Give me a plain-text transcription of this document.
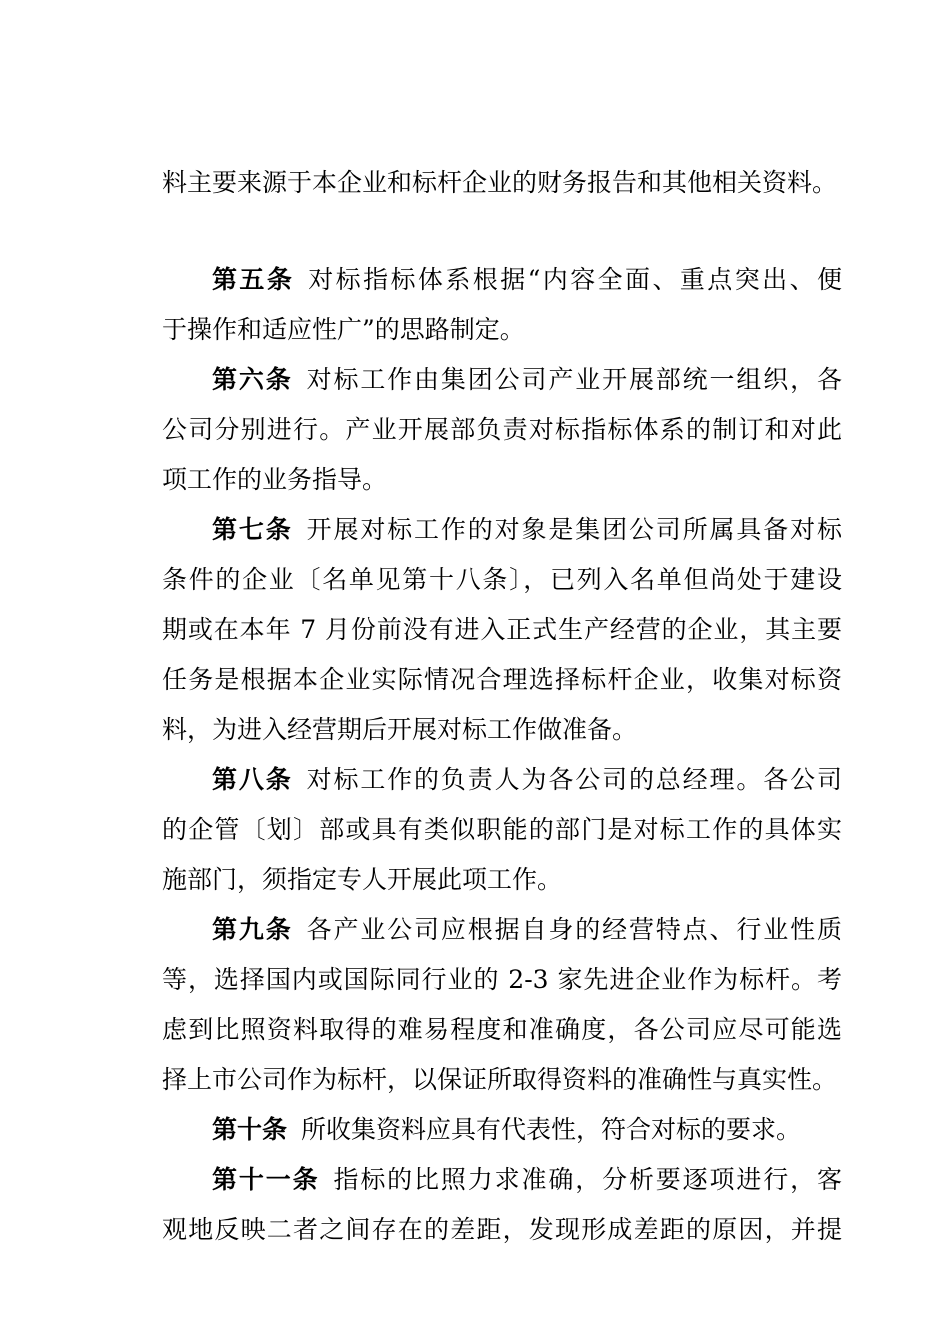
料主要来源于本企业和标杆企业的财务报告和其他相关资料。
第五条 对标指标体系根据“内容全面、重点突出、便
于操作和适应性广”的思路制定。
第六条 对标工作由集团公司产业开展部统一组织，各
公司分别进行。产业开展部负责对标指标体系的制订和对此
项工作的业务指导。
第七条 开展对标工作的对象是集团公司所属具备对标
条件的企业〔名单见第十八条〕，已列入名单但尚处于建设
期或在本年 7 月份前没有进入正式生产经营的企业，其主要
任务是根据本企业实际情况合理选择标杆企业，收集对标资
料，为进入经营期后开展对标工作做准备。
第八条 对标工作的负责人为各公司的总经理。各公司
的企管〔划〕部或具有类似职能的部门是对标工作的具体实
施部门，须指定专人开展此项工作。
第九条 各产业公司应根据自身的经营特点、行业性质
等，选择国内或国际同行业的 2-3 家先进企业作为标杆。考
虑到比照资料取得的难易程度和准确度，各公司应尽可能选
择上市公司作为标杆，以保证所取得资料的准确性与真实性。
第十条 所收集资料应具有代表性，符合对标的要求。
第十一条 指标的比照力求准确，分析要逐项进行，客
观地反映二者之间存在的差距，发现形成差距的原因，并提
